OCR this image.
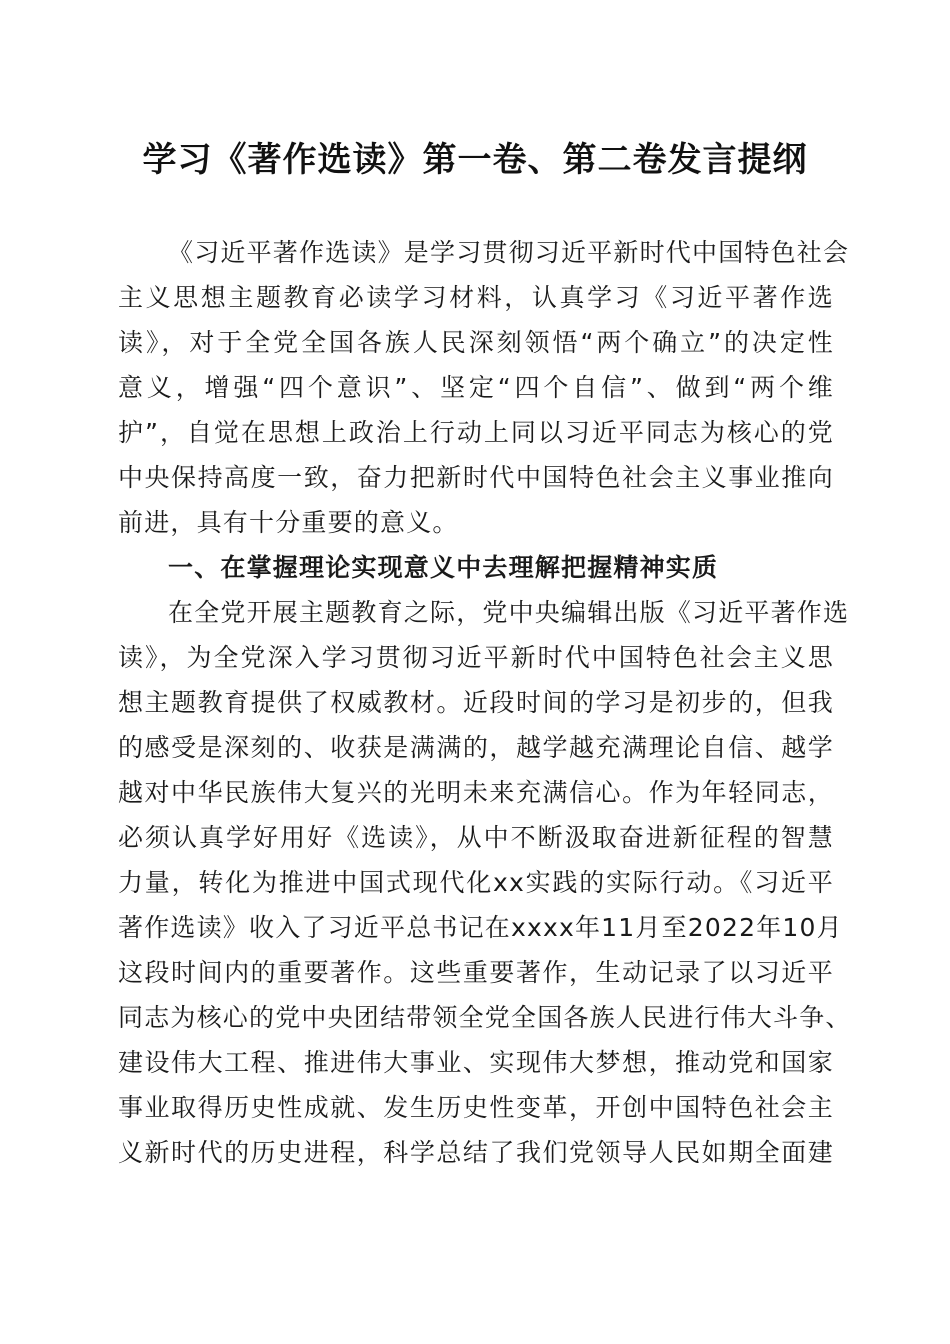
学习《著作选读》第一卷、第二卷发言提纲
《习近平著作选读》是学习贯彻习近平新时代中国特色社会
主义思想主题教育必读学习材料，认真学习《习近平著作选
读》，对于全党全国各族人民深刻领悟“两个确立”的决定性
意义，增强“四个意识”、坚定“四个自信”、做到“两个维
护”，自觉在思想上政治上行动上同以习近平同志为核心的党
中央保持高度一致，奋力把新时代中国特色社会主义事业推向
前进，具有十分重要的意义。
一、在掌握理论实现意义中去理解把握精神实质
在全党开展主题教育之际，党中央编辑出版《习近平著作选
读》，为全党深入学习贯彻习近平新时代中国特色社会主义思
想主题教育提供了权威教材。近段时间的学习是初步的，但我
的感受是深刻的、收获是满满的，越学越充满理论自信、越学
越对中华民族伟大复兴的光明未来充满信心。作为年轻同志，
必须认真学好用好《选读》，从中不断汲取奋进新征程的智慧
力量，转化为推进中国式现代化xx实践的实际行动。《习近平
著作选读》收入了习近平总书记在xxxx年11月至2022年10月
这段时间内的重要著作。这些重要著作，生动记录了以习近平
同志为核心的党中央团结带领全党全国各族人民进行伟大斗争、
建设伟大工程、推进伟大事业、实现伟大梦想，推动党和国家
事业取得历史性成就、发生历史性变革，开创中国特色社会主
义新时代的历史进程，科学总结了我们党领导人民如期全面建
